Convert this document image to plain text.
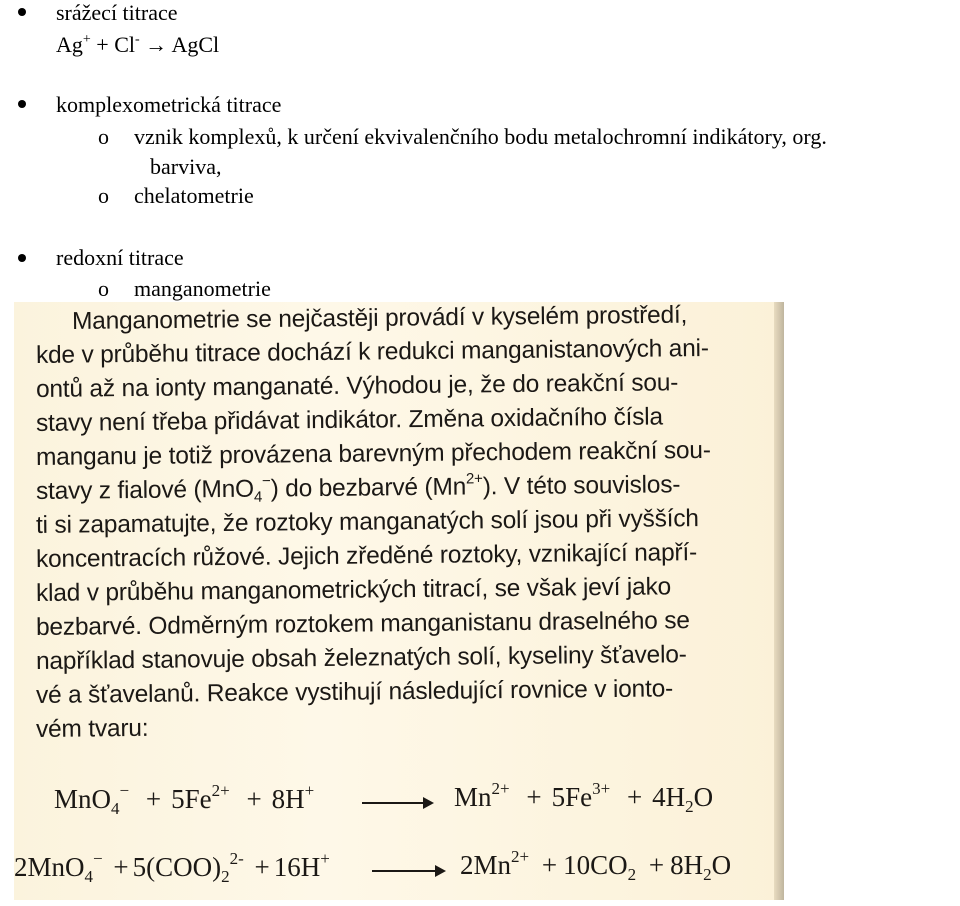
srážecí titrace
Ag+ + Cl- → AgCl
komplexometrická titrace
o vznik komplexů, k určení ekvivalenčního bodu metalochromní indikátory, org.
barviva,
o chelatometrie
redoxní titrace
o manganometrie
Manganometrie se nejčastěji provádí v kyselém prostředí,
kde v průběhu titrace dochází k redukci manganistanových ani-
ontů až na ionty manganaté. Výhodou je, že do reakční sou-
stavy není třeba přidávat indikátor. Změna oxidačního čísla
manganu je totiž provázena barevným přechodem reakční sou-
stavy z fialové (MnO$_4$−) do bezbarvé $(Mn^{2+})$. V této souvislos-
ti si zapamatujte, že roztoky manganatých solí jsou při vyšších
koncentracích růžové. Jejich zředěné roztoky, vznikající napří-
klad v průběhu manganometrických titrací, se však jeví jako
bezbarvé. Odměrným roztokem manganistanu draselného se
například stanovuje obsah železnatých solí, kyseliny šťavelo-
vé a šťavelanů. Reakce vystihují následující rovnice v ionto-
vém tvaru:
$MnO_4^- + 5Fe^{2+} + 8H^+$	$Mn^{2+} + 5Fe^{3+} + 4H_2O$
$2MnO_4^- + 5(COO)_2^{2-} + 16H^+$	$2Mn^{2+} + 10CO_2 + 8H_2O$
